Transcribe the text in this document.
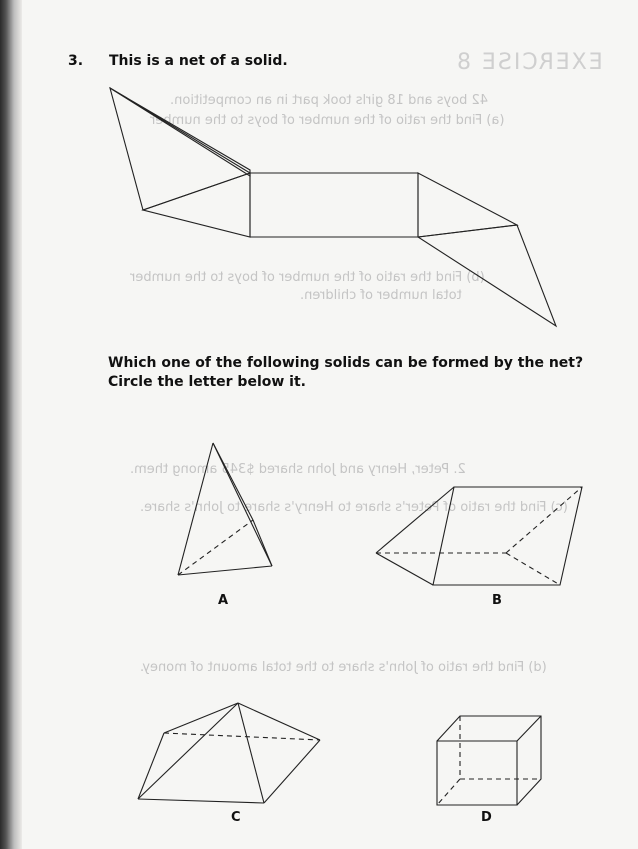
EXERCISE 8
42 boys and 18 girls took part in an competition.
(a) Find the ratio of the number of boys to the number
(b) Find the ratio of the number of boys to the number
total number of children.
2. Peter, Henry and John shared $345 among them.
(c) Find the ratio of Peter's share to Henry's share to John's share.
(d) Find the ratio of John's share to the total amount of money.
3. This is a net of a solid.
Which one of the following solids can be formed by the net? Circle the letter below it.
A	B
C	D
